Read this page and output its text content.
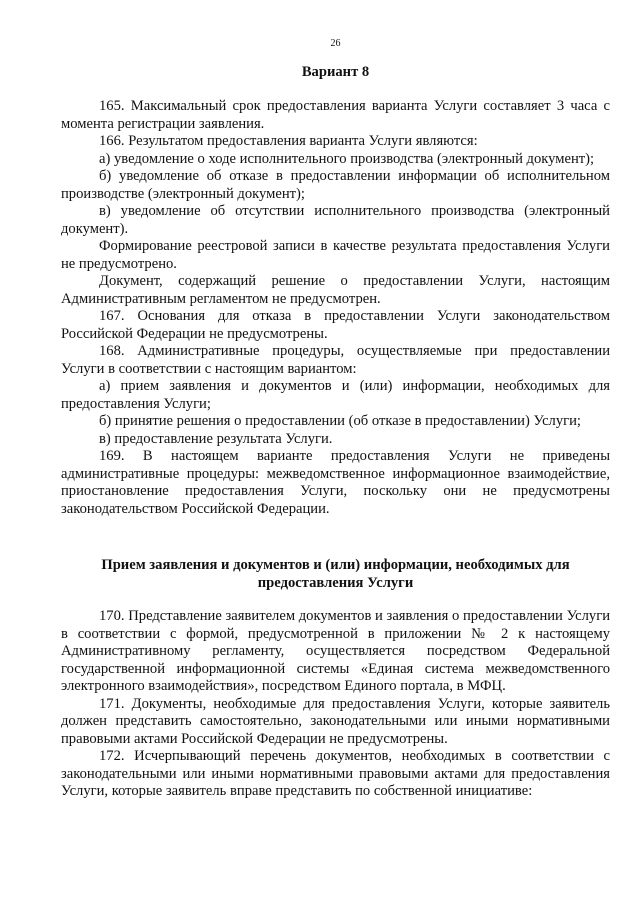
26
Вариант 8

165. Максимальный срок предоставления варианта Услуги составляет 3 часа с момента регистрации заявления.

166. Результатом предоставления варианта Услуги являются:

а) уведомление о ходе исполнительного производства (электронный документ);

б) уведомление об отказе в предоставлении информации об исполнительном производстве (электронный документ);

в) уведомление об отсутствии исполнительного производства (электронный документ).

Формирование реестровой записи в качестве результата предоставления Услуги не предусмотрено.

Документ, содержащий решение о предоставлении Услуги, настоящим Административным регламентом не предусмотрен.

167. Основания для отказа в предоставлении Услуги законодательством Российской Федерации не предусмотрены.

168. Административные процедуры, осуществляемые при предоставлении Услуги в соответствии с настоящим вариантом:

а) прием заявления и документов и (или) информации, необходимых для предоставления Услуги;

б) принятие решения о предоставлении (об отказе в предоставлении) Услуги;

в) предоставление результата Услуги.

169. В настоящем варианте предоставления Услуги не приведены административные процедуры: межведомственное информационное взаимодействие, приостановление предоставления Услуги, поскольку они не предусмотрены законодательством Российской Федерации.

Прием заявления и документов и (или) информации, необходимых для предоставления Услуги

170. Представление заявителем документов и заявления о предоставлении Услуги в соответствии с формой, предусмотренной в приложении № 2 к настоящему Административному регламенту, осуществляется посредством Федеральной государственной информационной системы «Единая система межведомственного электронного взаимодействия», посредством Единого портала, в МФЦ.

171. Документы, необходимые для предоставления Услуги, которые заявитель должен представить самостоятельно, законодательными или иными нормативными правовыми актами Российской Федерации не предусмотрены.

172. Исчерпывающий перечень документов, необходимых в соответствии с законодательными или иными нормативными правовыми актами для предоставления Услуги, которые заявитель вправе представить по собственной инициативе:
